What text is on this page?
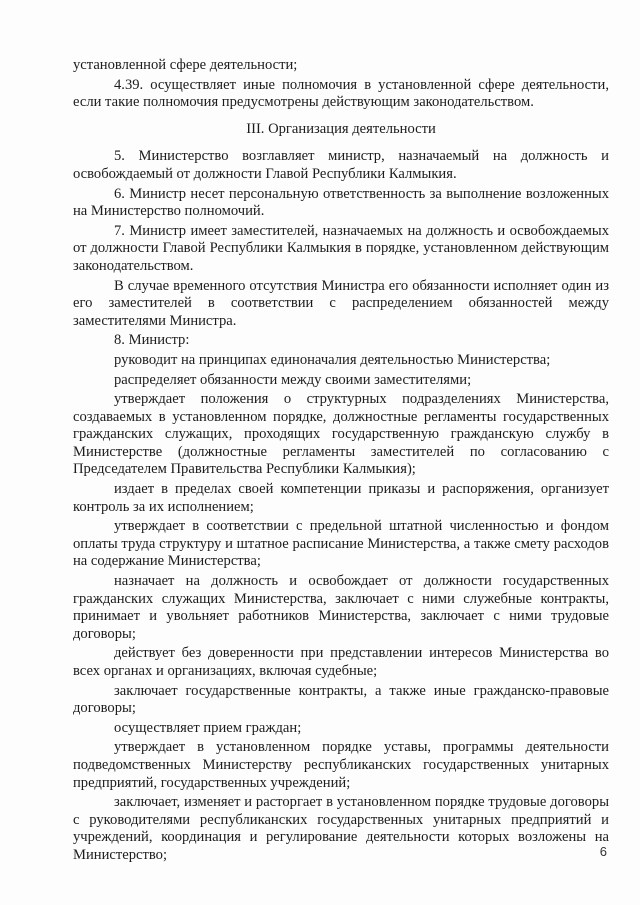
установленной сфере деятельности;

4.39. осуществляет иные полномочия в установленной сфере деятельности, если такие полномочия предусмотрены действующим законодательством.

III. Организация деятельности

5. Министерство возглавляет министр, назначаемый на должность и освобождаемый от должности Главой Республики Калмыкия.

6. Министр несет персональную ответственность за выполнение возложенных на Министерство полномочий.

7. Министр имеет заместителей, назначаемых на должность и освобождаемых от должности Главой Республики Калмыкия в порядке, установленном действующим законодательством.

В случае временного отсутствия Министра его обязанности исполняет один из его заместителей в соответствии с распределением обязанностей между заместителями Министра.

8. Министр:

руководит на принципах единоначалия деятельностью Министерства;

распределяет обязанности между своими заместителями;

утверждает положения о структурных подразделениях Министерства, создаваемых в установленном порядке, должностные регламенты государственных гражданских служащих, проходящих государственную гражданскую службу в Министерстве (должностные регламенты заместителей по согласованию с Председателем Правительства Республики Калмыкия);

издает в пределах своей компетенции приказы и распоряжения, организует контроль за их исполнением;

утверждает в соответствии с предельной штатной численностью и фондом оплаты труда структуру и штатное расписание Министерства, а также смету расходов на содержание Министерства;

назначает на должность и освобождает от должности государственных гражданских служащих Министерства, заключает с ними служебные контракты, принимает и увольняет работников Министерства, заключает с ними трудовые договоры;

действует без доверенности при представлении интересов Министерства во всех органах и организациях, включая судебные;

заключает государственные контракты, а также иные гражданско-правовые договоры;

осуществляет прием граждан;

утверждает в установленном порядке уставы, программы деятельности подведомственных Министерству республиканских государственных унитарных предприятий, государственных учреждений;

заключает, изменяет и расторгает в установленном порядке трудовые договоры с руководителями республиканских государственных унитарных предприятий и учреждений, координация и регулирование деятельности которых возложены на Министерство;	6
